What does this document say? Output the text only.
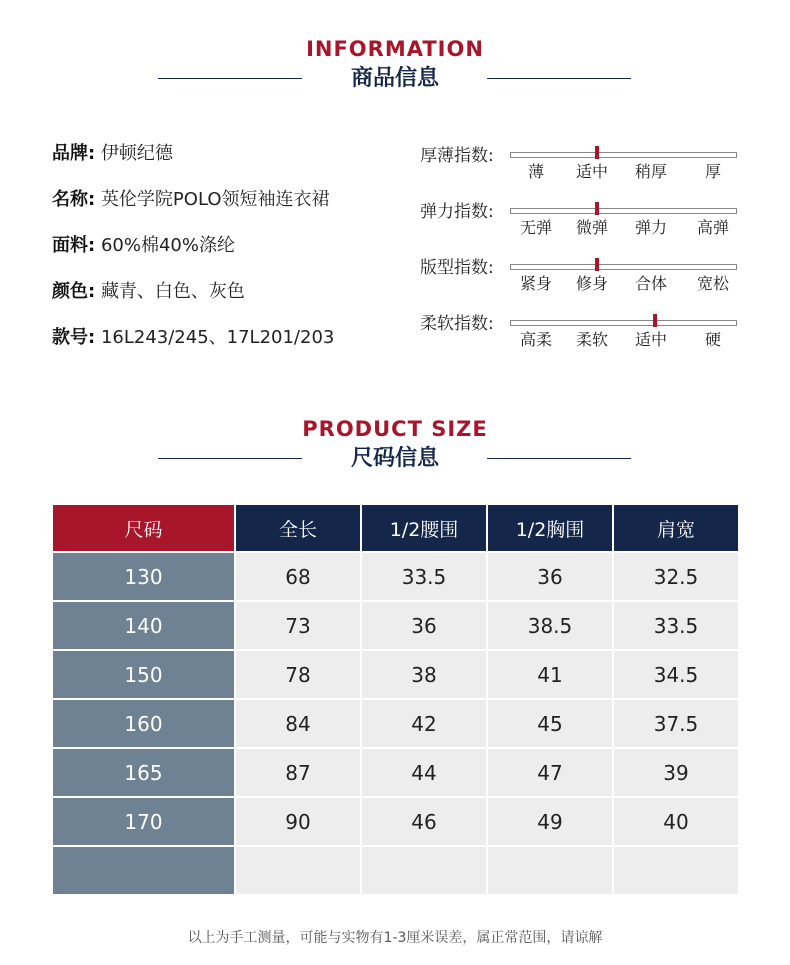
INFORMATION
商品信息
品牌: 伊顿纪德
名称: 英伦学院POLO领短袖连衣裙
面料: 60%棉40%涤纶
颜色: 藏青、白色、灰色
款号: 16L243/245、17L201/203
厚薄指数:
薄	适中	稍厚	厚
弹力指数:
无弹	微弹	弹力	高弹
版型指数:
紧身	修身	合体	宽松
柔软指数:
高柔	柔软	适中	硬
PRODUCT SIZE
尺码信息
尺码	全长	1/2腰围	1/2胸围	肩宽
130	68	33.5	36	32.5
140	73	36	38.5	33.5
150	78	38	41	34.5
160	84	42	45	37.5
165	87	44	47	39
170	90	46	49	40

以上为手工测量，可能与实物有1-3厘米误差，属正常范围，请谅解
